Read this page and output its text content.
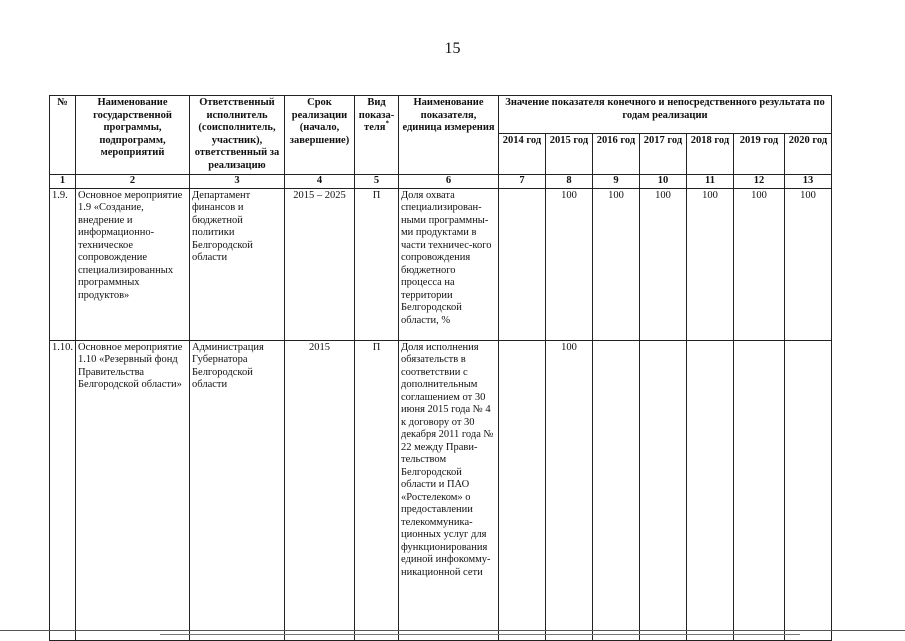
15
№	Наименование государственной программы, подпрограмм, мероприятий	Ответственный исполнитель (соисполнитель, участник), ответственный за реализацию	Срок реализации (начало, завершение)	Вид показа-теля*	Наименование показателя, единица измерения	Значение показателя конечного и непосредственного результата по годам реализации						
						2014 год	2015 год	2016 год	2017 год	2018 год	2019 год	2020 год
1	2	3	4	5	6	7	8	9	10	11	12	13
1.9.	Основное мероприятие 1.9 «Создание, внедрение и информационно-техническое сопровождение специализированных программных продуктов»	Департамент финансов и бюджетной политики Белгородской области	2015 – 2025	П	Доля охвата специализирован-ными программны-ми продуктами в части техничес-кого сопровождения бюджетного процесса на территории Белгородской области, %		100	100	100	100	100	100
1.10.	Основное мероприятие 1.10 «Резервный фонд Правительства Белгородской области»	Администрация Губернатора Белгородской области	2015	П	Доля исполнения обязательств в соответствии с дополнительным соглашением от 30 июня 2015 года № 4 к договору от 30 декабря 2011 года № 22 между Прави-тельством Белгородской области и ПАО «Ростелеком» о предоставлении телекоммуника-ционных услуг для функционирования единой инфокомму-никационной сети		100					
